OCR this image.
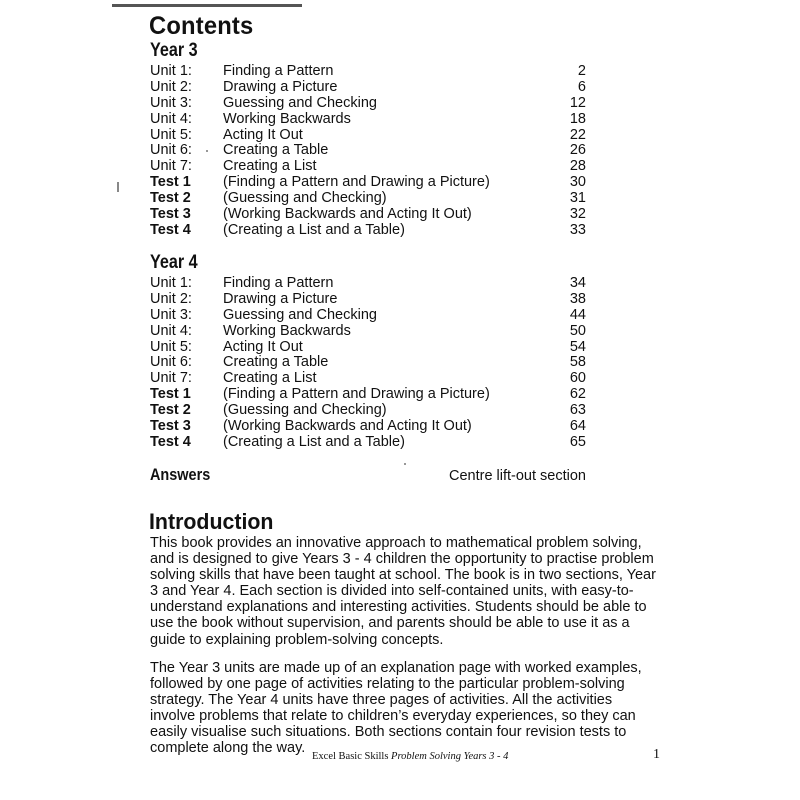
Contents
Year 3
Unit 1: Finding a Pattern	2
Unit 2: Drawing a Picture	6
Unit 3: Guessing and Checking	12
Unit 4: Working Backwards	18
Unit 5: Acting It Out	22
Unit 6: Creating a Table	26
Unit 7: Creating a List	28
Test 1 (Finding a Pattern and Drawing a Picture)	30
Test 2 (Guessing and Checking)	31
Test 3 (Working Backwards and Acting It Out)	32
Test 4 (Creating a List and a Table)	33
Year 4
Unit 1: Finding a Pattern	34
Unit 2: Drawing a Picture	38
Unit 3: Guessing and Checking	44
Unit 4: Working Backwards	50
Unit 5: Acting It Out	54
Unit 6: Creating a Table	58
Unit 7: Creating a List	60
Test 1 (Finding a Pattern and Drawing a Picture)	62
Test 2 (Guessing and Checking)	63
Test 3 (Working Backwards and Acting It Out)	64
Test 4 (Creating a List and a Table)	65
Answers	Centre lift-out section
Introduction

This book provides an innovative approach to mathematical problem solving, and is designed to give Years 3 - 4 children the opportunity to practise problem solving skills that have been taught at school. The book is in two sections, Year 3 and Year 4. Each section is divided into self-contained units, with easy-to-understand explanations and interesting activities. Students should be able to use the book without supervision, and parents should be able to use it as a guide to explaining problem-solving concepts.

The Year 3 units are made up of an explanation page with worked examples, followed by one page of activities relating to the particular problem-solving strategy. The Year 4 units have three pages of activities. All the activities involve problems that relate to children’s everyday experiences, so they can easily visualise such situations. Both sections contain four revision tests to complete along the way.

Excel Basic Skills Problem Solving Years 3 - 4	1
